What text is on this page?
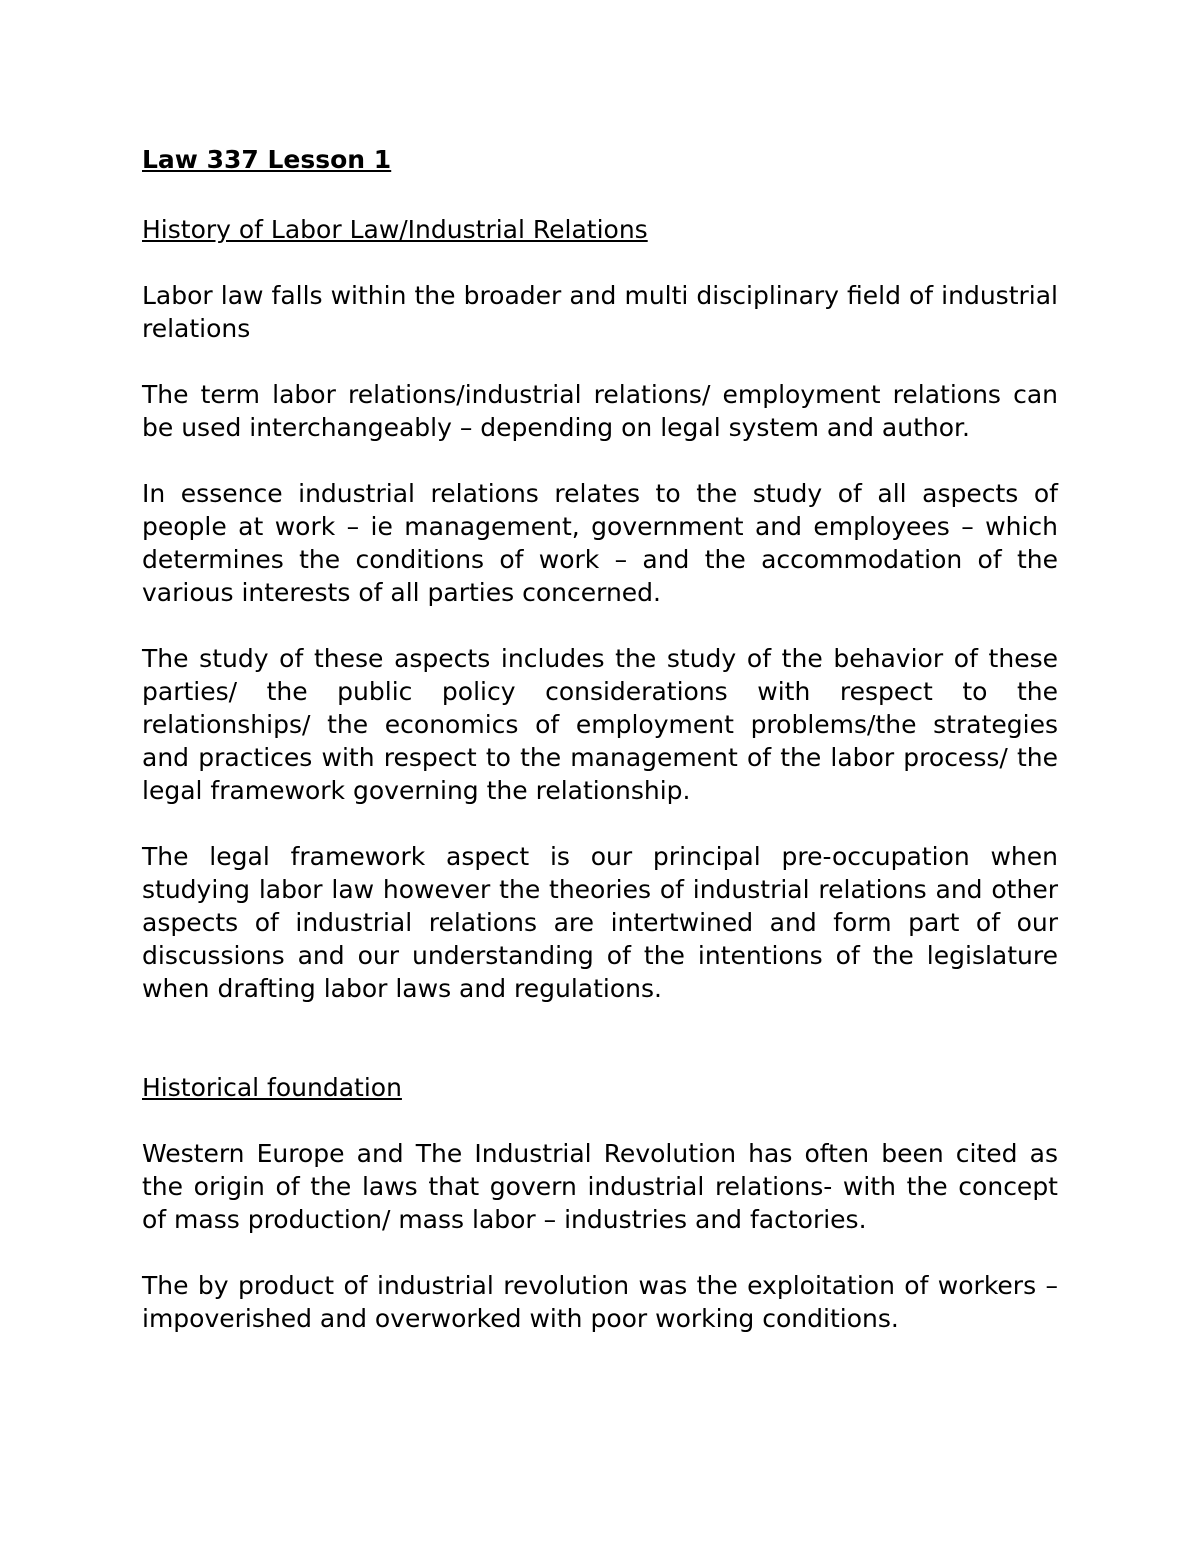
Law 337 Lesson 1
History of Labor Law/Industrial Relations

Labor law falls within the broader and multi disciplinary field of industrial relations

The term labor relations/industrial relations/ employment relations can be used interchangeably – depending on legal system and author.

In essence industrial relations relates to the study of all aspects of people at work – ie management, government and employees – which determines the conditions of work – and the accommodation of the various interests of all parties concerned.

The study of these aspects includes the study of the behavior of these parties/ the public policy considerations with respect to the relationships/ the economics of employment problems/the strategies and practices with respect to the management of the labor process/ the legal framework governing the relationship.

The legal framework aspect is our principal pre-occupation when studying labor law however the theories of industrial relations and other aspects of industrial relations are intertwined and form part of our discussions and our understanding of the intentions of the legislature when drafting labor laws and regulations.

Historical foundation

Western Europe and The Industrial Revolution has often been cited as the origin of the laws that govern industrial relations- with the concept of mass production/ mass labor – industries and factories.

The by product of industrial revolution was the exploitation of workers – impoverished and overworked with poor working conditions.
